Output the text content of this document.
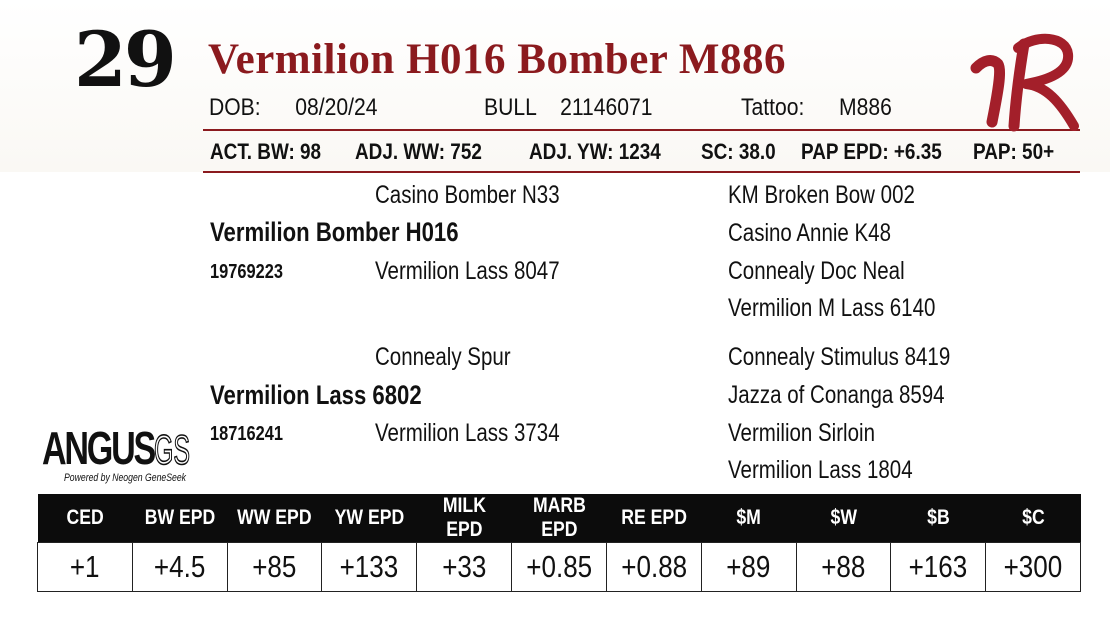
29 Vermilion H016 Bomber M886
DOB: 08/20/24	BULL 21146071	Tattoo: M886
ACT. BW: 98 ADJ. WW: 752 ADJ. YW: 1234 SC: 38.0 PAP EPD: +6.35 PAP: 50+
Casino Bomber N33
Vermilion Bomber H016
19769223	Vermilion Lass 8047
KM Broken Bow 002
Casino Annie K48
Connealy Doc Neal
Vermilion M Lass 6140
Connealy Spur
Vermilion Lass 6802
18716241	Vermilion Lass 3734
Connealy Stimulus 8419
Jazza of Conanga 8594
Vermilion Sirloin
Vermilion Lass 1804
ANGUS GS
Powered by Neogen GeneSeek
CED	BW EPD	WW EPD	YW EPD	MILK EPD	MARB EPD	RE EPD	$M	$W	$B	$C
+1	+4.5	+85	+133	+33	+0.85	+0.88	+89	+88	+163	+300
